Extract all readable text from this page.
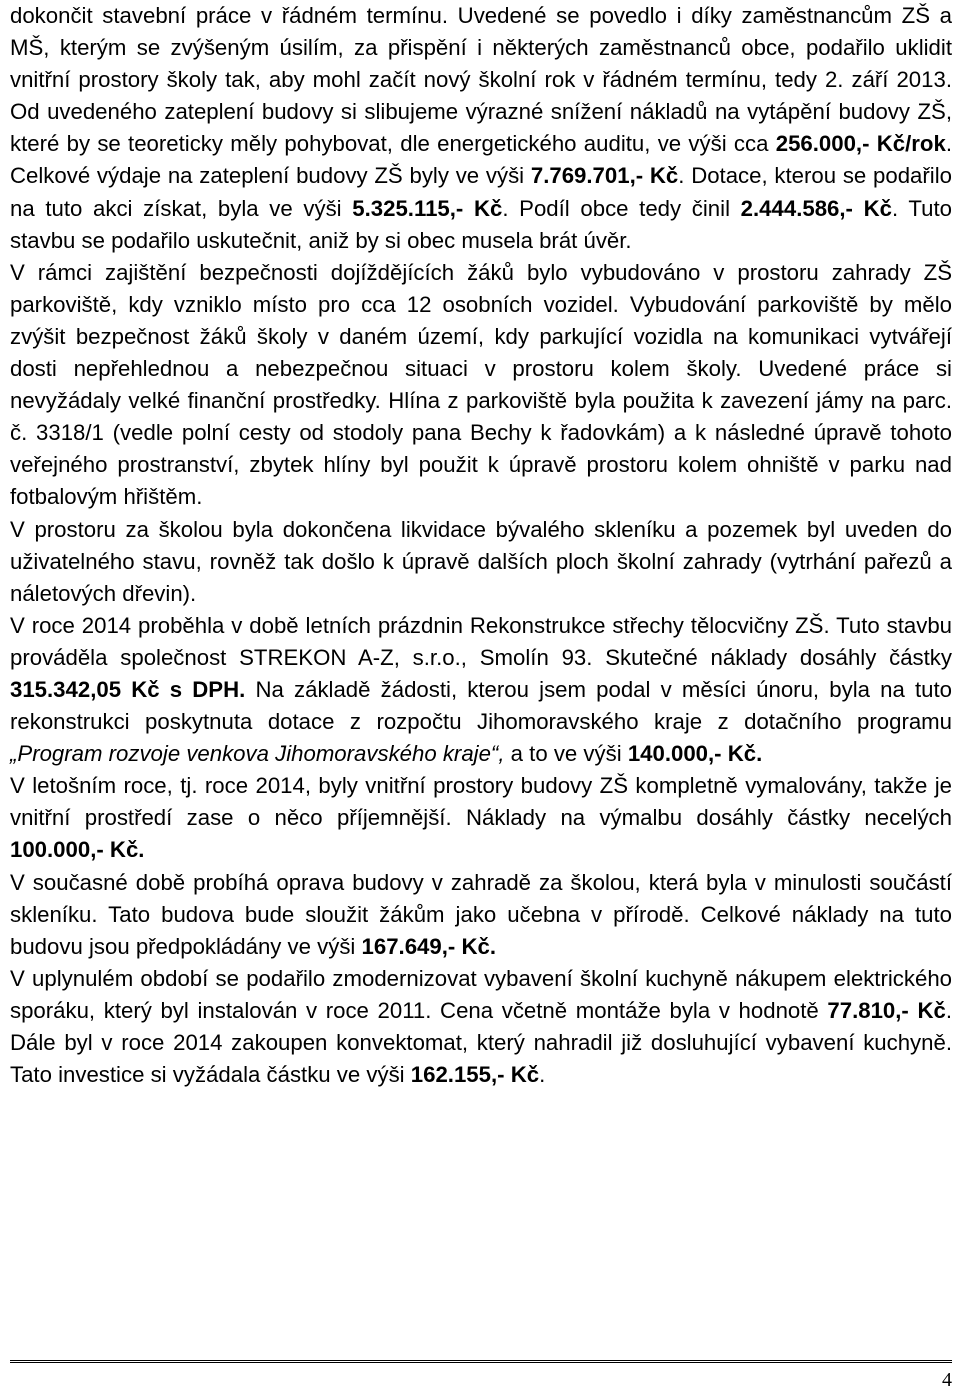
dokončit stavební práce v řádném termínu. Uvedené se povedlo i díky zaměstnancům ZŠ a MŠ, kterým se zvýšeným úsilím, za přispění i některých zaměstnanců obce, podařilo uklidit vnitřní prostory školy tak, aby mohl začít nový školní rok v řádném termínu, tedy 2. září 2013. Od uvedeného zateplení budovy si slibujeme výrazné snížení nákladů na vytápění budovy ZŠ, které by se teoreticky měly pohybovat, dle energetického auditu, ve výši cca 256.000,- Kč/rok. Celkové výdaje na zateplení budovy ZŠ byly ve výši 7.769.701,- Kč. Dotace, kterou se podařilo na tuto akci získat, byla ve výši 5.325.115,- Kč. Podíl obce tedy činil 2.444.586,- Kč. Tuto stavbu se podařilo uskutečnit, aniž by si obec musela brát úvěr.

V rámci zajištění bezpečnosti dojíždějících žáků bylo vybudováno v prostoru zahrady ZŠ parkoviště, kdy vzniklo místo pro cca 12 osobních vozidel. Vybudování parkoviště by mělo zvýšit bezpečnost žáků školy v daném území, kdy parkující vozidla na komunikaci vytvářejí dosti nepřehlednou a nebezpečnou situaci v prostoru kolem školy. Uvedené práce si nevyžádaly velké finanční prostředky. Hlína z parkoviště byla použita k zavezení jámy na parc. č. 3318/1 (vedle polní cesty od stodoly pana Bechy k řadovkám) a k následné úpravě tohoto veřejného prostranství, zbytek hlíny byl použit k úpravě prostoru kolem ohniště v parku nad fotbalovým hřištěm.

V prostoru za školou byla dokončena likvidace bývalého skleníku a pozemek byl uveden do uživatelného stavu, rovněž tak došlo k úpravě dalších ploch školní zahrady (vytrhání pařezů a náletových dřevin).

V roce 2014 proběhla v době letních prázdnin Rekonstrukce střechy tělocvičny ZŠ. Tuto stavbu prováděla společnost STREKON A-Z, s.r.o., Smolín 93. Skutečné náklady dosáhly částky 315.342,05 Kč s DPH. Na základě žádosti, kterou jsem podal v měsíci únoru, byla na tuto rekonstrukci poskytnuta dotace z rozpočtu Jihomoravského kraje z dotačního programu „Program rozvoje venkova Jihomoravského kraje“, a to ve výši 140.000,- Kč.

V letošním roce, tj. roce 2014, byly vnitřní prostory budovy ZŠ kompletně vymalovány, takže je vnitřní prostředí zase o něco příjemnější. Náklady na výmalbu dosáhly částky necelých 100.000,- Kč.

V současné době probíhá oprava budovy v zahradě za školou, která byla v minulosti součástí skleníku. Tato budova bude sloužit žákům jako učebna v přírodě. Celkové náklady na tuto budovu jsou předpokládány ve výši 167.649,- Kč.

V uplynulém období se podařilo zmodernizovat vybavení školní kuchyně nákupem elektrického sporáku, který byl instalován v roce 2011. Cena včetně montáže byla v hodnotě 77.810,- Kč. Dále byl v roce 2014 zakoupen konvektomat, který nahradil již dosluhující vybavení kuchyně. Tato investice si vyžádala částku ve výši 162.155,- Kč.

4
